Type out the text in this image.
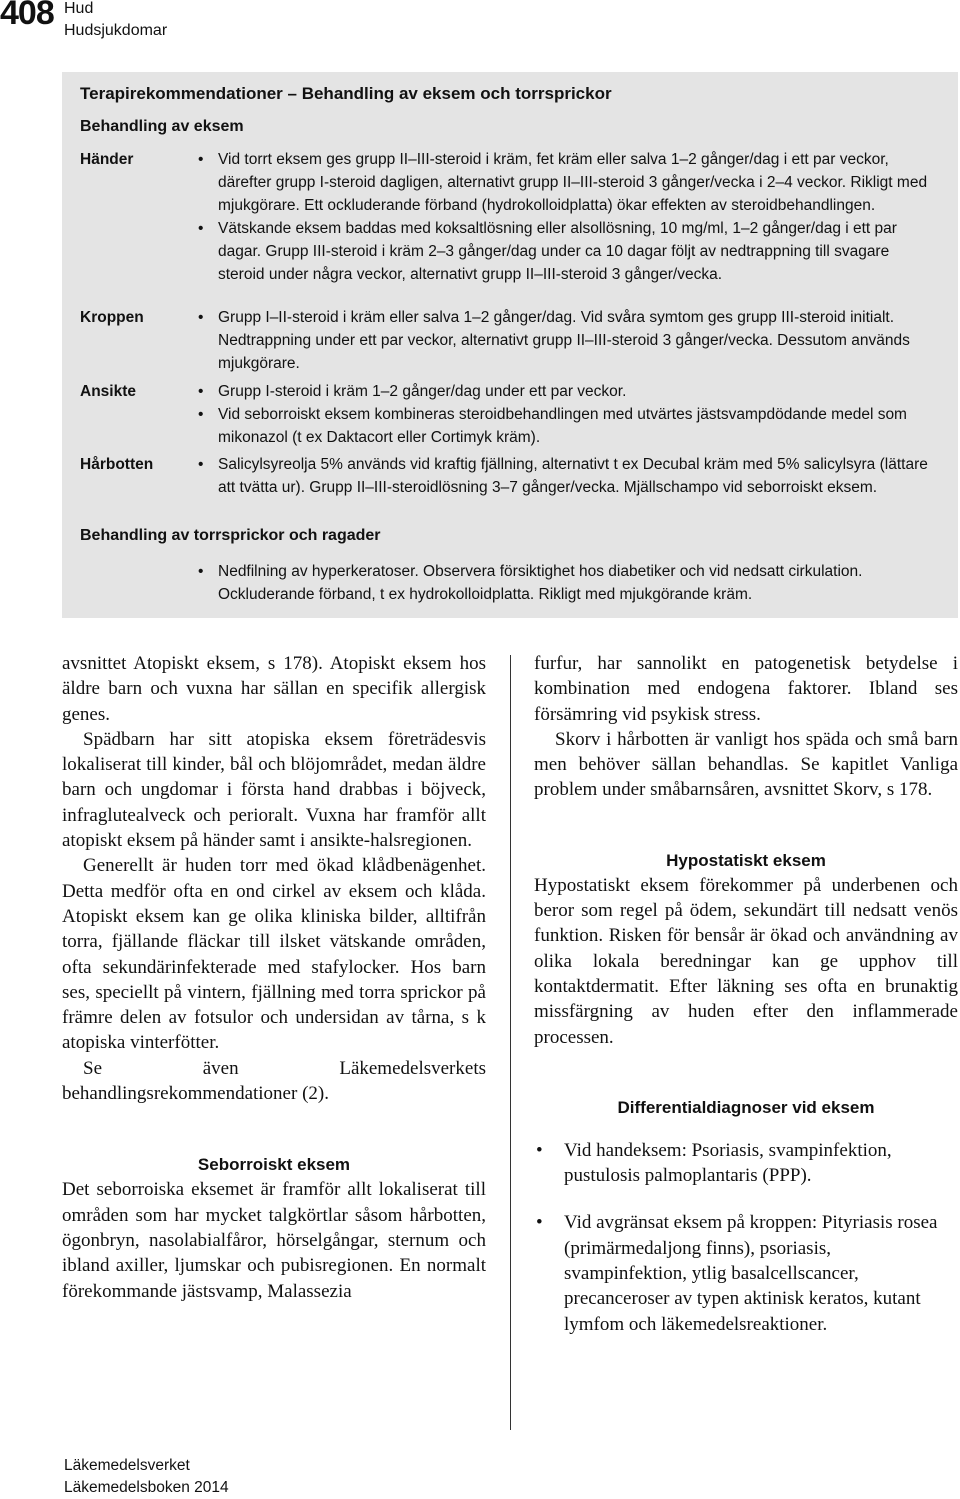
408 Hud
Hudsjukdomar
Terapirekommendationer – Behandling av eksem och torrsprickor
Behandling av eksem
Händer	• Vid torrt eksem ges grupp II–III-steroid i kräm, fet kräm eller salva 1–2 gånger/dag i ett par veckor, därefter grupp I-steroid dagligen, alternativt grupp II–III-steroid 3 gånger/vecka i 2–4 veckor. Rikligt med mjukgörare. Ett ockluderande förband (hydrokolloidplatta) ökar effekten av steroidbehandlingen.
• Vätskande eksem baddas med koksaltlösning eller alsollösning, 10 mg/ml, 1–2 gånger/dag i ett par dagar. Grupp III-steroid i kräm 2–3 gånger/dag under ca 10 dagar följt av nedtrappning till svagare steroid under några veckor, alternativt grupp II–III-steroid 3 gånger/vecka.
Kroppen	• Grupp I–II-steroid i kräm eller salva 1–2 gånger/dag. Vid svåra symtom ges grupp III-steroid initialt. Nedtrappning under ett par veckor, alternativt grupp II–III-steroid 3 gånger/vecka. Dessutom används mjukgörare.
Ansikte	• Grupp I-steroid i kräm 1–2 gånger/dag under ett par veckor.
• Vid seborroiskt eksem kombineras steroidbehandlingen med utvärtes jästsvampdödande medel som mikonazol (t ex Daktacort eller Cortimyk kräm).
Hårbotten	• Salicylsyreolja 5% används vid kraftig fjällning, alternativt t ex Decubal kräm med 5% salicylsyra (lättare att tvätta ur). Grupp II–III-steroidlösning 3–7 gånger/vecka. Mjällschampo vid seborroiskt eksem.
Behandling av torrsprickor och ragader
• Nedfilning av hyperkeratoser. Observera försiktighet hos diabetiker och vid nedsatt cirkulation. Ockluderande förband, t ex hydrokolloidplatta. Rikligt med mjukgörande kräm.

avsnittet Atopiskt eksem, s 178). Atopiskt eksem hos äldre barn och vuxna har sällan en specifik allergisk genes.

Spädbarn har sitt atopiska eksem företrädesvis lokaliserat till kinder, bål och blöjområdet, medan äldre barn och ungdomar i första hand drabbas i böjveck, infraglutealveck och perioralt. Vuxna har framför allt atopiskt eksem på händer samt i ansikte-halsregionen.

Generellt är huden torr med ökad klådbenägenhet. Detta medför ofta en ond cirkel av eksem och klåda. Atopiskt eksem kan ge olika kliniska bilder, alltifrån torra, fjällande fläckar till ilsket vätskande områden, ofta sekundärinfekterade med stafylocker. Hos barn ses, speciellt på vintern, fjällning med torra sprickor på främre delen av fotsulor och undersidan av tårna, s k atopiska vinterfötter.

Se även Läkemedelsverkets behandlingsrekommendationer (2).

Seborroiskt eksem

Det seborroiska eksemet är framför allt lokaliserat till områden som har mycket talgkörtlar såsom hårbotten, ögonbryn, nasolabialfåror, hörselgångar, sternum och ibland axiller, ljumskar och pubisregionen. En normalt förekommande jästsvamp, Malassezia

furfur, har sannolikt en patogenetisk betydelse i kombination med endogena faktorer. Ibland ses försämring vid psykisk stress.

Skorv i hårbotten är vanligt hos späda och små barn men behöver sällan behandlas. Se kapitlet Vanliga problem under småbarnsåren, avsnittet Skorv, s 178.

Hypostatiskt eksem

Hypostatiskt eksem förekommer på underbenen och beror som regel på ödem, sekundärt till nedsatt venös funktion. Risken för bensår är ökad och användning av olika lokala beredningar kan ge upphov till kontaktdermatit. Efter läkning ses ofta en brunaktig missfärgning av huden efter den inflammerade processen.

Differentialdiagnoser vid eksem
• Vid handeksem: Psoriasis, svampinfektion, pustulosis palmoplantaris (PPP).
• Vid avgränsat eksem på kroppen: Pityriasis rosea (primärmedaljong finns), psoriasis, svampinfektion, ytlig basalcellscancer, precanceroser av typen aktinisk keratos, kutant lymfom och läkemedelsreaktioner.
Läkemedelsverket
Läkemedelsboken 2014
